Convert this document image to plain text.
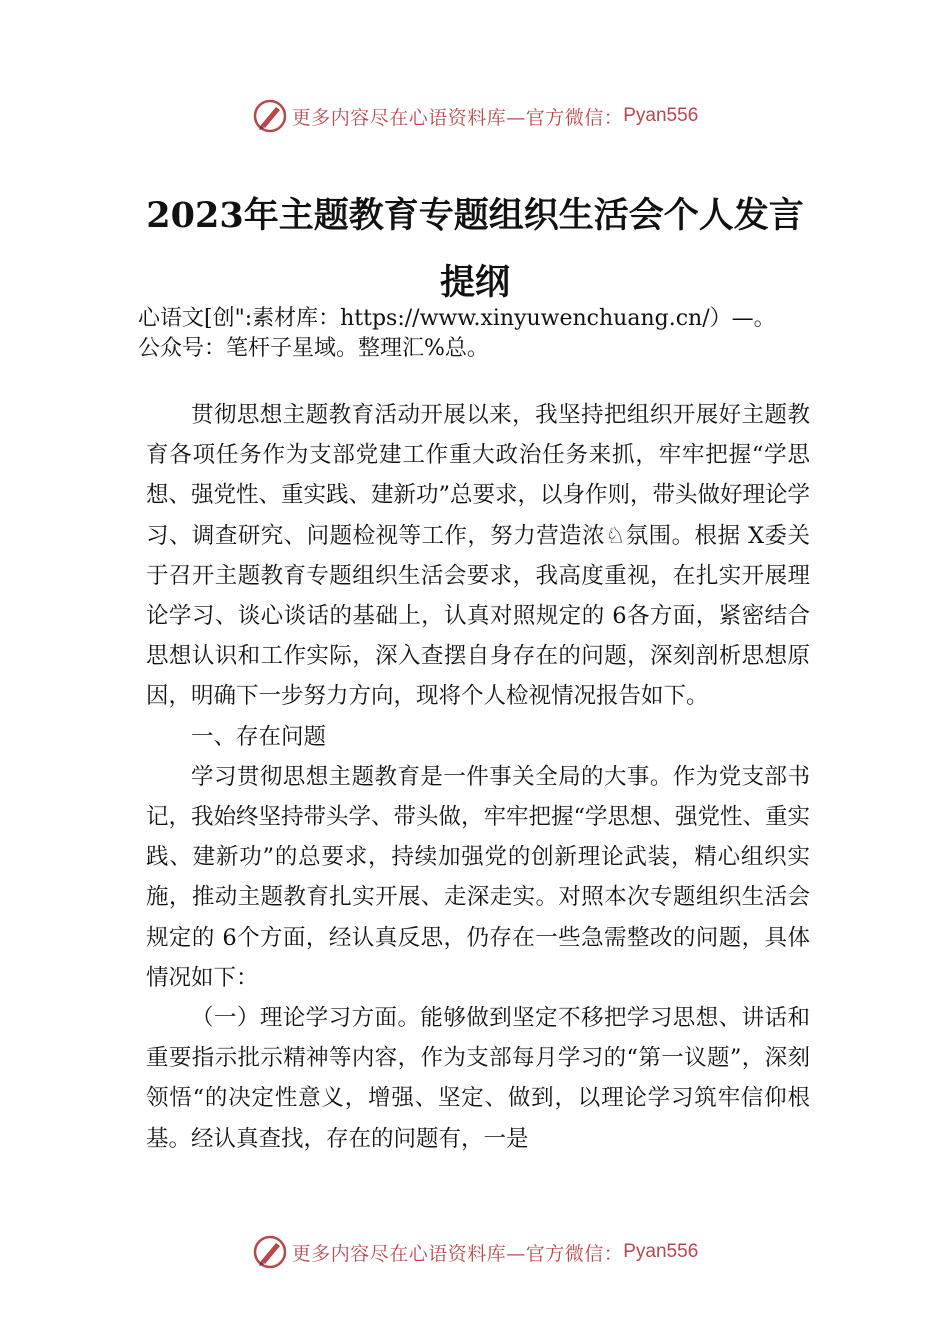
更多内容尽在心语资料库—官方微信： Pyan556
2023年主题教育专题组织生活会个人发言
提纲
心语文[创":素材库：https://www.xinyuwenchuang.cn/）—。
公众号：笔杆子星域。整理汇%总。

贯彻思想主题教育活动开展以来，我坚持把组织开展好主题教育各项任务作为支部党建工作重大政治任务来抓，牢牢把握“学思想、强党性、重实践、建新功”总要求，以身作则，带头做好理论学习、调查研究、问题检视等工作，努力营造浓♘氛围。根据 X委关于召开主题教育专题组织生活会要求，我高度重视，在扎实开展理论学习、谈心谈话的基础上，认真对照规定的 6各方面，紧密结合思想认识和工作实际，深入查摆自身存在的问题，深刻剖析思想原因，明确下一步努力方向，现将个人检视情况报告如下。

一、存在问题

学习贯彻思想主题教育是一件事关全局的大事。作为党支部书记，我始终坚持带头学、带头做，牢牢把握“学思想、强党性、重实践、建新功”的总要求，持续加强党的创新理论武装，精心组织实施，推动主题教育扎实开展、走深走实。对照本次专题组织生活会规定的 6个方面，经认真反思，仍存在一些急需整改的问题，具体情况如下：

（一）理论学习方面。能够做到坚定不移把学习思想、讲话和重要指示批示精神等内容，作为支部每月学习的“第一议题”，深刻领悟“的决定性意义，增强、坚定、做到，以理论学习筑牢信仰根基。经认真查找，存在的问题有，一是

更多内容尽在心语资料库—官方微信： Pyan556
